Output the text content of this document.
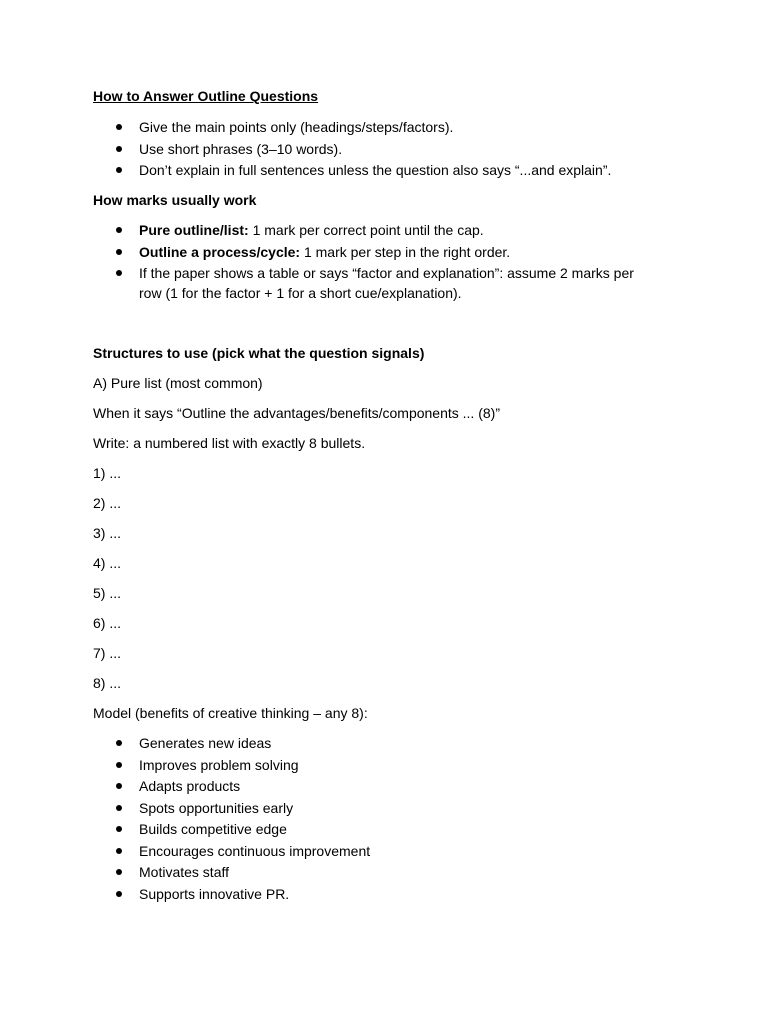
How to Answer Outline Questions
Give the main points only (headings/steps/factors).
Use short phrases (3–10 words).
Don’t explain in full sentences unless the question also says “...and explain”.
How marks usually work
Pure outline/list: 1 mark per correct point until the cap.
Outline a process/cycle: 1 mark per step in the right order.
If the paper shows a table or says “factor and explanation”: assume 2 marks per
row (1 for the factor + 1 for a short cue/explanation).
Structures to use (pick what the question signals)
A) Pure list (most common)
When it says “Outline the advantages/benefits/components ... (8)”
Write: a numbered list with exactly 8 bullets.
1) ...
2) ...
3) ...
4) ...
5) ...
6) ...
7) ...
8) ...
Model (benefits of creative thinking – any 8):
Generates new ideas
Improves problem solving
Adapts products
Spots opportunities early
Builds competitive edge
Encourages continuous improvement
Motivates staff
Supports innovative PR.
